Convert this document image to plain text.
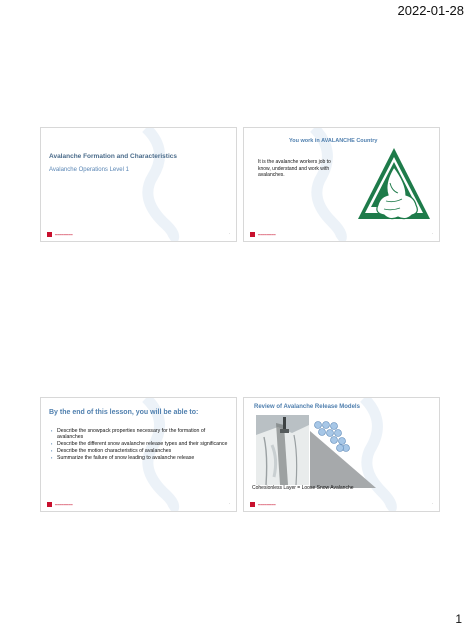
2022-01-28
Avalanche Formation and Characteristics
Avalanche Operations Level 1
━━━━━━━━	·
You work in AVALANCHE Country
It is the avalanche workers job to know, understand and work with avalanches.
━━━━━━━━	·
By the end of this lesson, you will be able to:
▪ Describe the snowpack properties necessary for the formation of avalanches
▪ Describe the different snow avalanche release types and their significance
▪ Describe the motion characteristics of avalanches
▪ Summarize the failure of snow leading to avalanche release
━━━━━━━━	·
Review of Avalanche Release Models
Cohesionless Layer = Loose Snow Avalanche
━━━━━━━━	·
1
